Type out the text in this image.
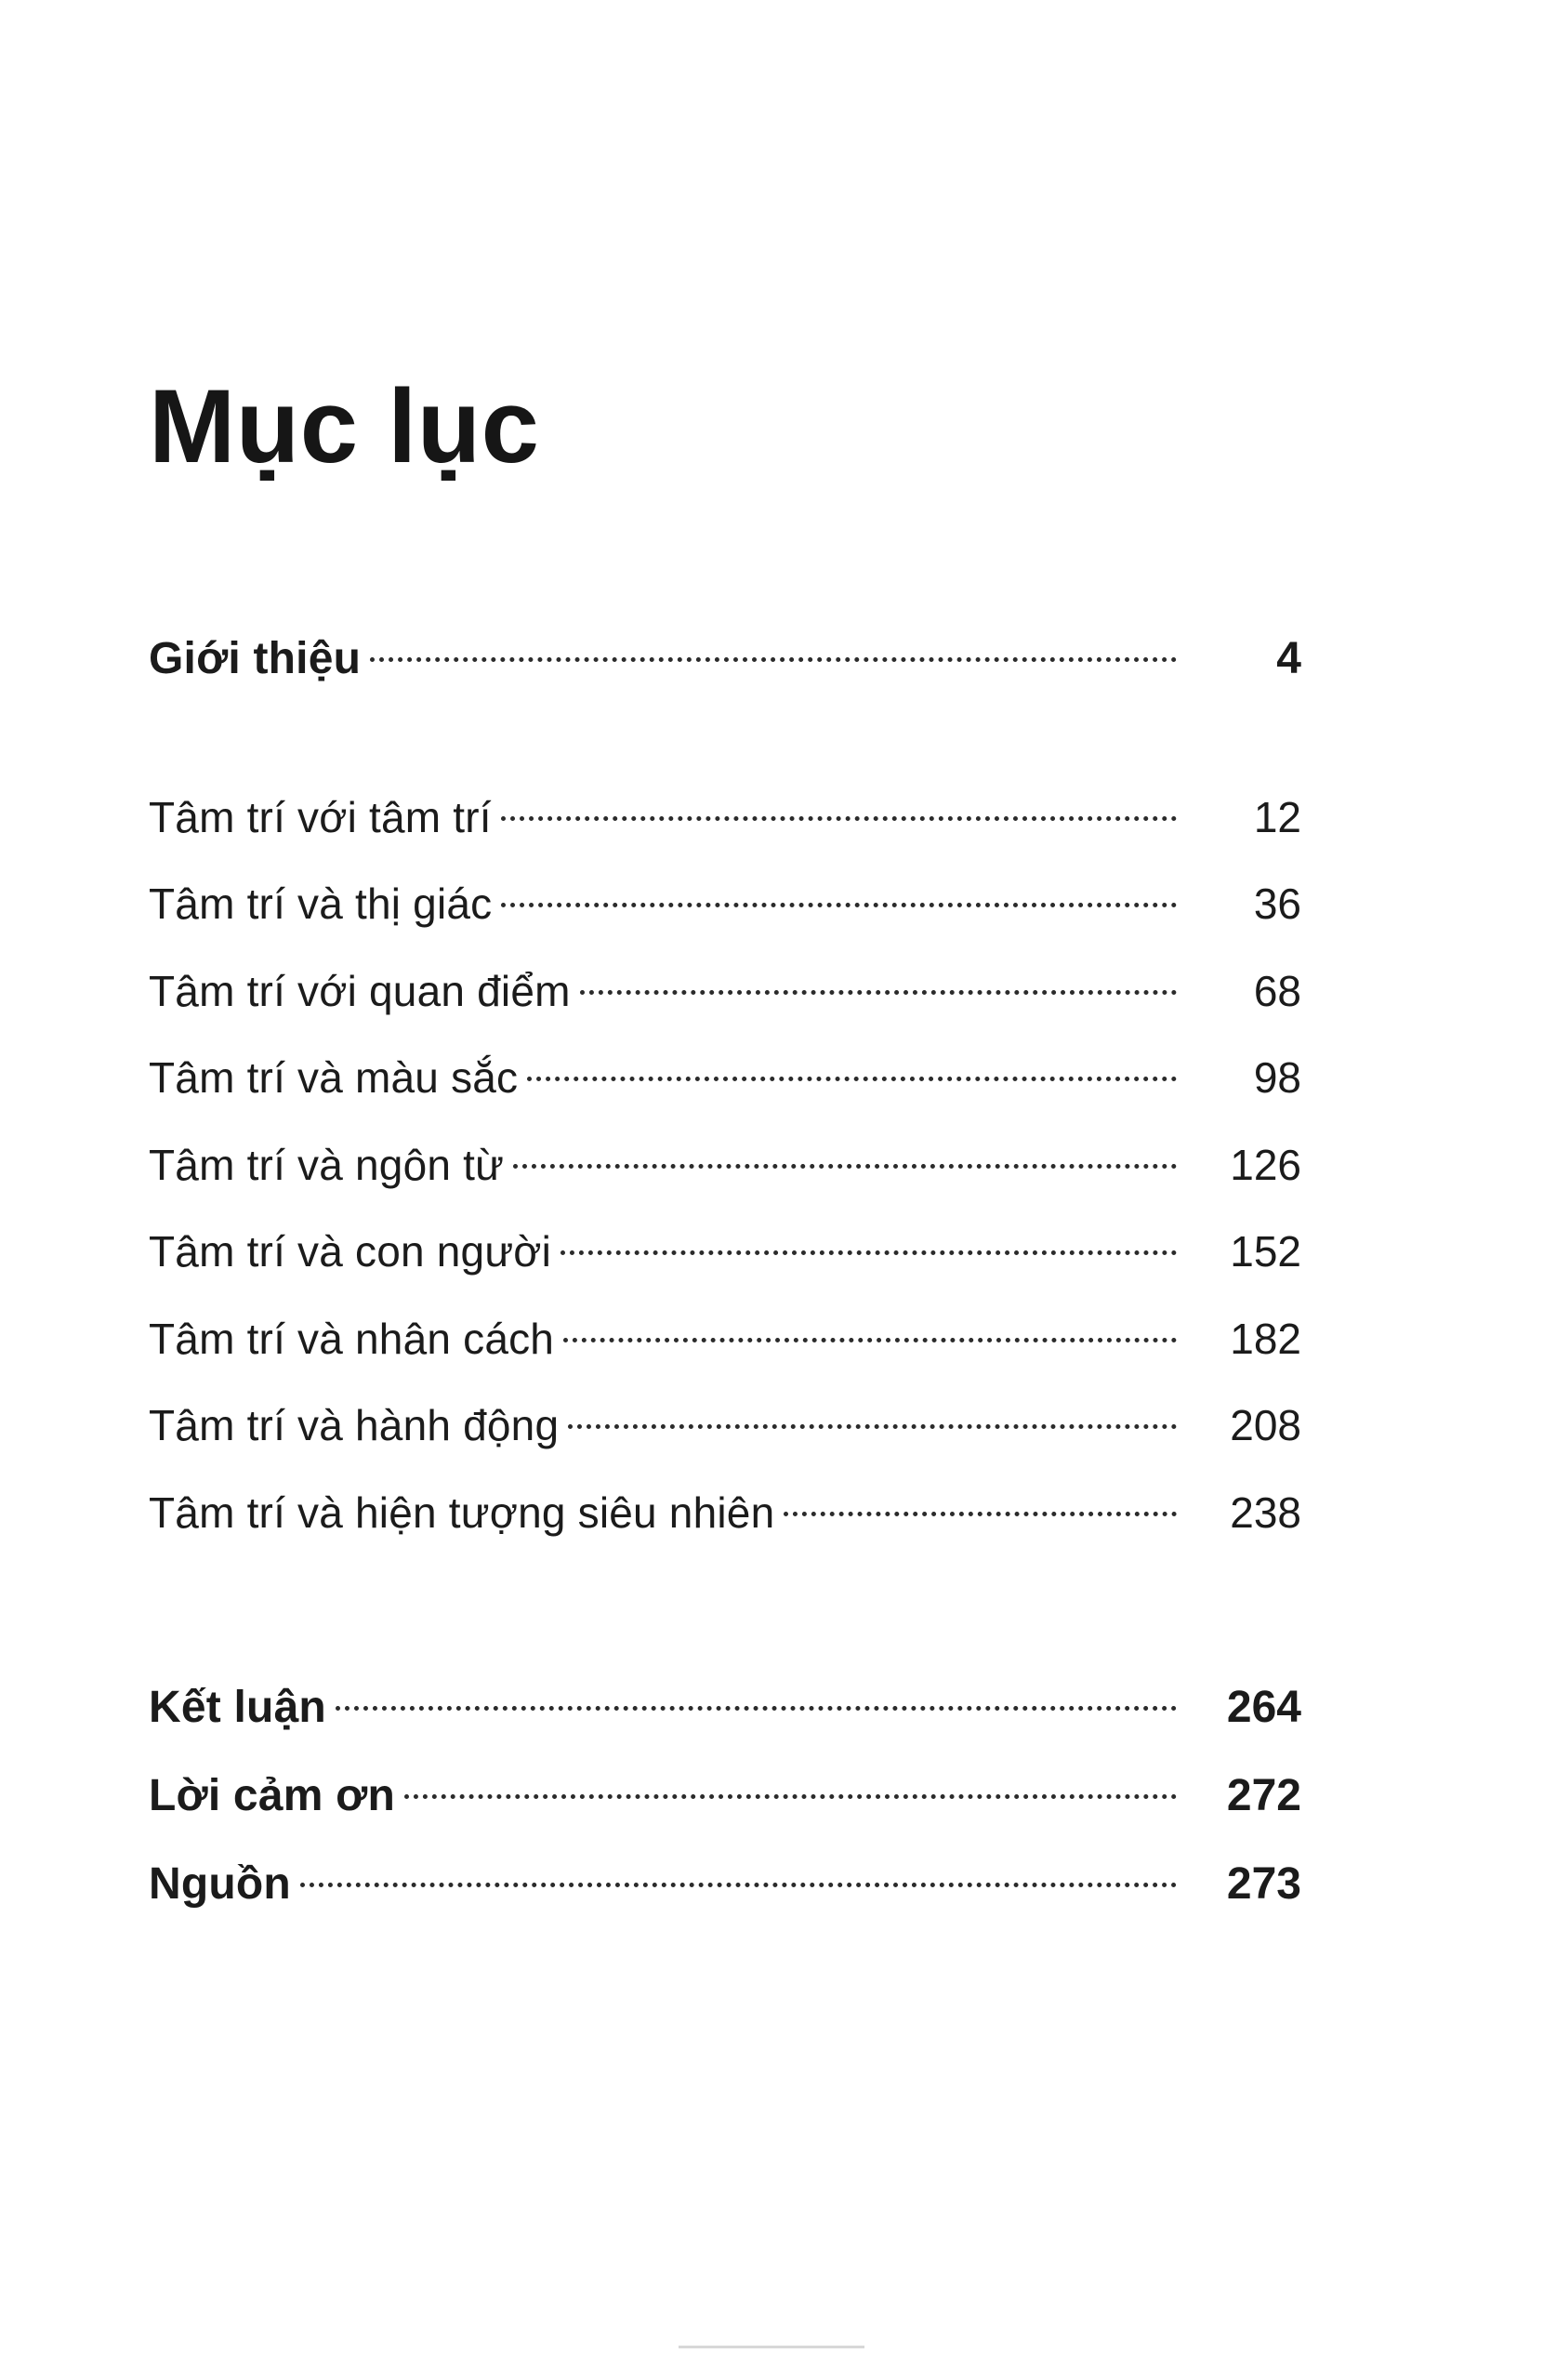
Mục lục
Giới thiệu	4
Tâm trí với tâm trí	12
Tâm trí và thị giác	36
Tâm trí với quan điểm	68
Tâm trí và màu sắc	98
Tâm trí và ngôn từ	126
Tâm trí và con người	152
Tâm trí và nhân cách	182
Tâm trí và hành động	208
Tâm trí và hiện tượng siêu nhiên	238
Kết luận	264
Lời cảm ơn	272
Nguồn	273
